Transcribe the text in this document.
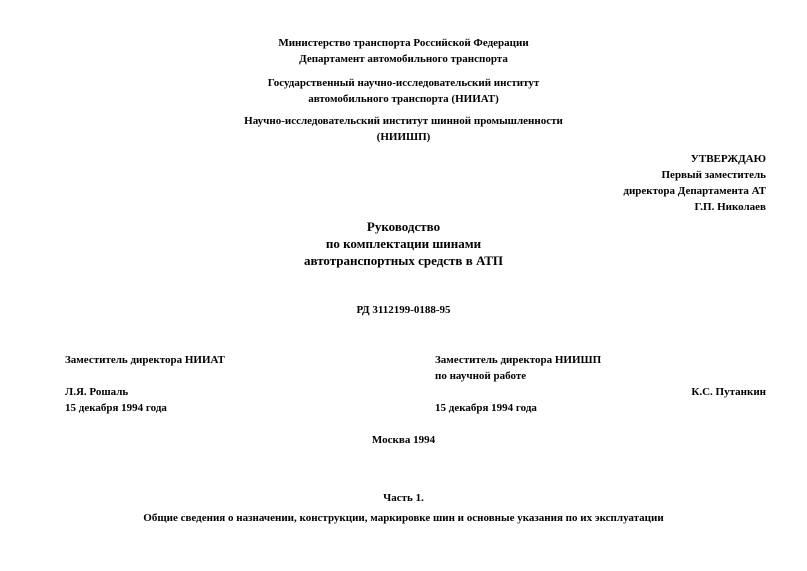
Министерство транспорта Российской Федерации
Департамент автомобильного транспорта
Государственный научно-исследовательский институт
автомобильного транспорта (НИИАТ)
Научно-исследовательский институт шинной промышленности
(НИИШП)
УТВЕРЖДАЮ
Первый заместитель
директора Департамента АТ
Г.П. Николаев
Руководство
по комплектации шинами
автотранспортных средств в АТП
РД 3112199-0188-95
Заместитель директора НИИАТ
Л.Я. Рошаль
15 декабря 1994 года
Заместитель директора НИИШП
по научной работе
15 декабря 1994 года
К.С. Путанкин
Москва 1994
Часть 1.
Общие сведения о назначении, конструкции, маркировке шин и основные указания по их эксплуатации
